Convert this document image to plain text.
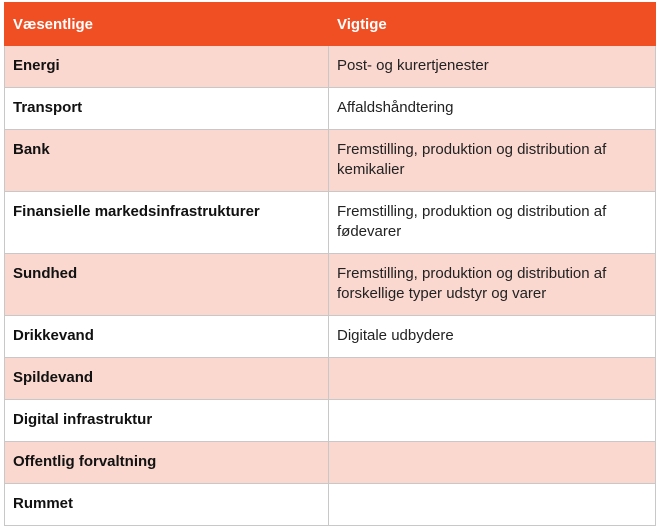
Væsentlige	Vigtige
Energi	Post- og kurertjenester
Transport	Affaldshåndtering
Bank	Fremstilling, produktion og distribution af kemikalier
Finansielle markedsinfrastrukturer	Fremstilling, produktion og distribution af fødevarer
Sundhed	Fremstilling, produktion og distribution af forskellige typer udstyr og varer
Drikkevand	Digitale udbydere
Spildevand	
Digital infrastruktur	
Offentlig forvaltning	
Rummet	
